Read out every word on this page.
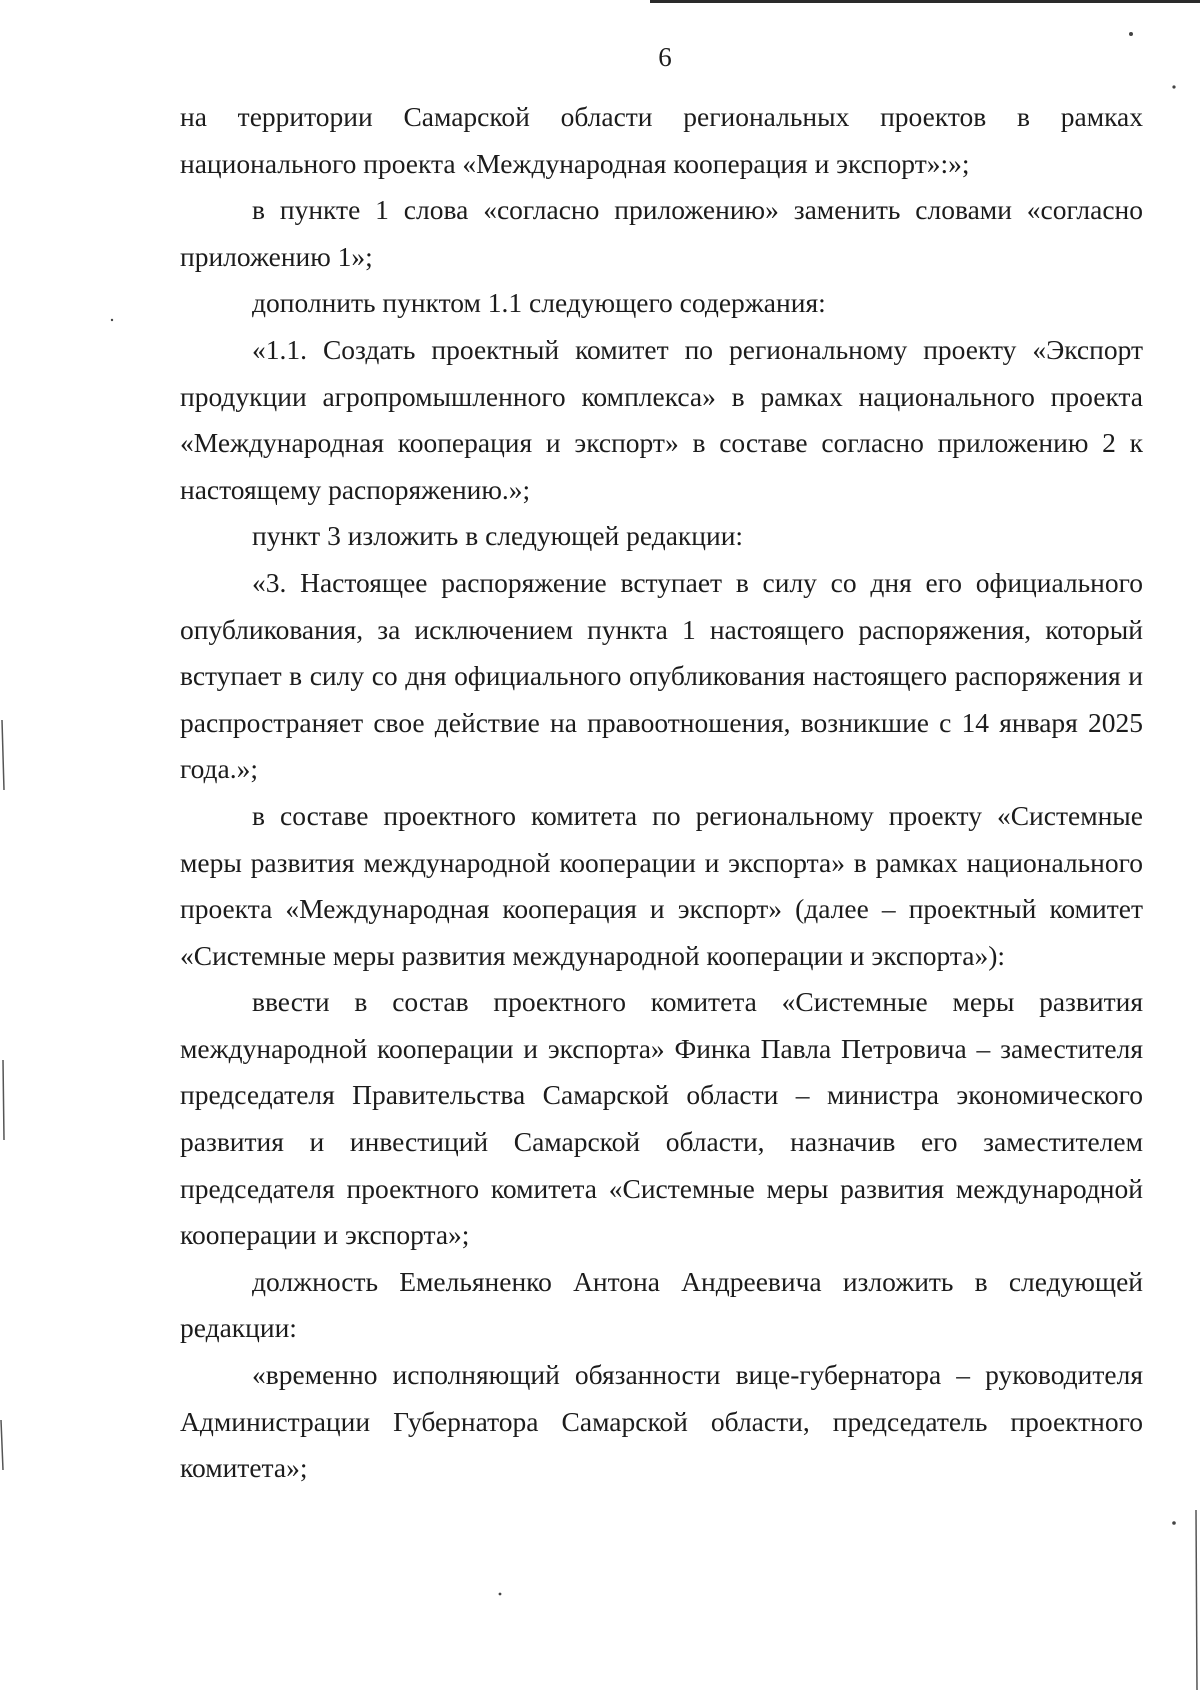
6

на территории Самарской области региональных проектов в рамках национального проекта «Международная кооперация и экспорт»:»;

в пункте 1 слова «согласно приложению» заменить словами «согласно приложению 1»;

дополнить пунктом 1.1 следующего содержания:

«1.1. Создать проектный комитет по региональному проекту «Экспорт продукции агропромышленного комплекса» в рамках национального проекта «Международная кооперация и экспорт» в составе согласно приложению 2 к настоящему распоряжению.»;

пункт 3 изложить в следующей редакции:

«3. Настоящее распоряжение вступает в силу со дня его официального опубликования, за исключением пункта 1 настоящего распоряжения, который вступает в силу со дня официального опубликования настоящего распоряжения и распространяет свое действие на правоотношения, возникшие с 14 января 2025 года.»;

в составе проектного комитета по региональному проекту «Системные меры развития международной кооперации и экспорта» в рамках национального проекта «Международная кооперация и экспорт» (далее – проектный комитет «Системные меры развития международной кооперации и экспорта»):

ввести в состав проектного комитета «Системные меры развития международной кооперации и экспорта» Финка Павла Петровича – заместителя председателя Правительства Самарской области – министра экономического развития и инвестиций Самарской области, назначив его заместителем председателя проектного комитета «Системные меры развития международной кооперации и экспорта»;

должность Емельяненко Антона Андреевича изложить в следующей редакции:

«временно исполняющий обязанности вице-губернатора – руководителя Администрации Губернатора Самарской области, председатель проектного комитета»;
